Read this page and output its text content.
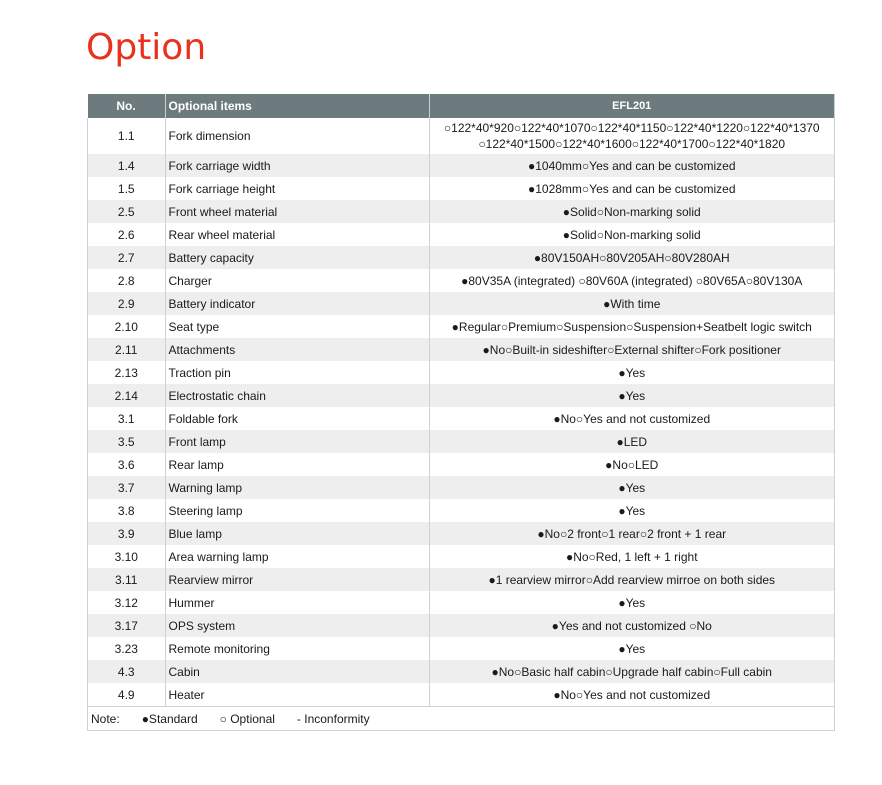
Option
No.	Optional items	EFL201
1.1	Fork dimension	○122*40*920○122*40*1070○122*40*1150○122*40*1220○122*40*1370
○122*40*1500○122*40*1600○122*40*1700○122*40*1820

1.4	Fork carriage width	●1040mm○Yes and can be customized
1.5	Fork carriage height	●1028mm○Yes and can be customized
2.5	Front wheel material	●Solid○Non-marking solid
2.6	Rear wheel material	●Solid○Non-marking solid
2.7	Battery capacity	●80V150AH○80V205AH○80V280AH
2.8	Charger	●80V35A (integrated) ○80V60A (integrated) ○80V65A○80V130A
2.9	Battery indicator	●With time
2.10	Seat type	●Regular○Premium○Suspension○Suspension+Seatbelt logic switch
2.11	Attachments	●No○Built-in sideshifter○External shifter○Fork positioner
2.13	Traction pin	●Yes
2.14	Electrostatic chain	●Yes
3.1	Foldable fork	●No○Yes and not customized
3.5	Front lamp	●LED
3.6	Rear lamp	●No○LED
3.7	Warning lamp	●Yes
3.8	Steering lamp	●Yes
3.9	Blue lamp	●No○2 front○1 rear○2 front + 1 rear
3.10	Area warning lamp	●No○Red, 1 left + 1 right
3.11	Rearview mirror	●1 rearview mirror○Add rearview mirroe on both sides
3.12	Hummer	●Yes
3.17	OPS system	●Yes and not customized ○No
3.23	Remote monitoring	●Yes
4.3	Cabin	●No○Basic half cabin○Upgrade half cabin○Full cabin
4.9	Heater	●No○Yes and not customized
Note: ●Standard ○ Optional - Inconformity		
